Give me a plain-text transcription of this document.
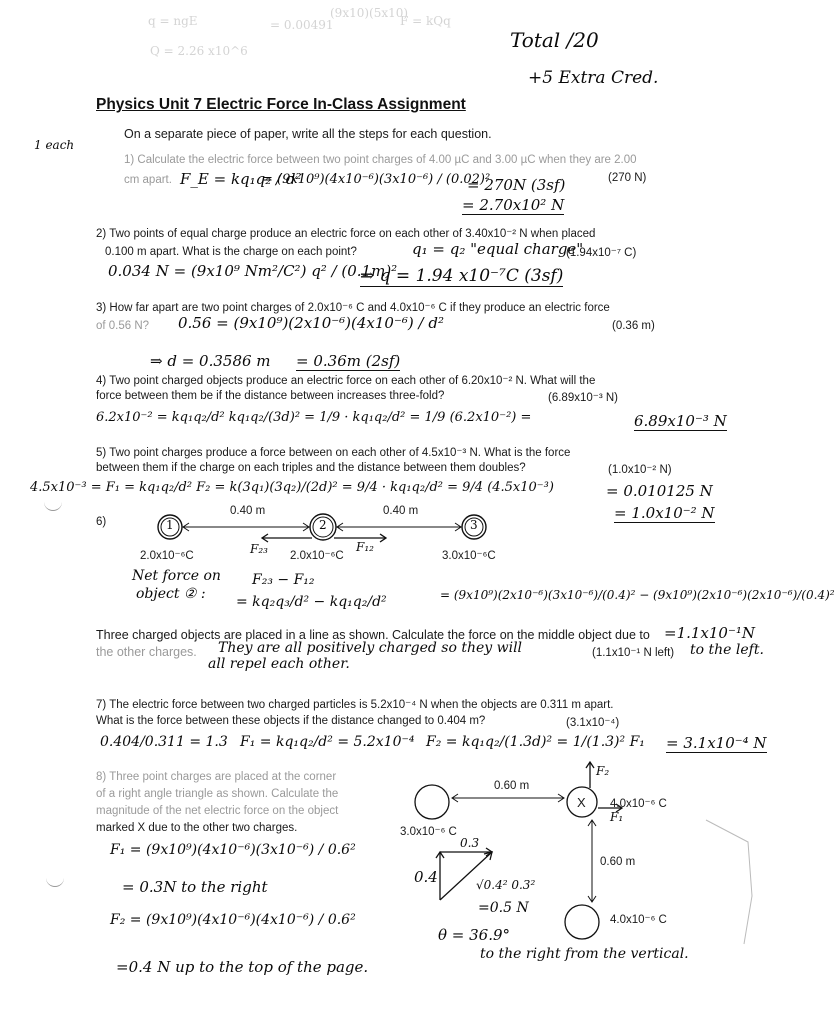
q = ngE
Q = 2.26 x10^6
F = kQq
(9x10)(5x10)
= 0.00491
Total /20
+5 Extra Cred.
Physics Unit 7 Electric Force In-Class Assignment
On a separate piece of paper, write all the steps for each question.
1 each
1) Calculate the electric force between two point charges of 4.00 µC and 3.00 µC when they are 2.00
cm apart.	(270 N)
F_E = kq₁q₂ / d²
= (9x10⁹)(4x10⁻⁶)(3x10⁻⁶) / (0.02)²
= 270N (3sf)
= 2.70x10² N
2) Two points of equal charge produce an electric force on each other of 3.40x10⁻² N when placed
0.100 m apart. What is the charge on each point?	(1.94x10⁻⁷ C)
q₁ = q₂ "equal charge"
0.034 N = (9x10⁹ Nm²/C²) q² / (0.1m)²
⇒ q = 1.94 x10⁻⁷C (3sf)
3) How far apart are two point charges of 2.0x10⁻⁶ C and 4.0x10⁻⁶ C if they produce an electric force
of 0.56 N?	(0.36 m)
0.56 = (9x10⁹)(2x10⁻⁶)(4x10⁻⁶) / d²
⇒ d = 0.3586 m = 0.36m (2sf)
4) Two point charged objects produce an electric force on each other of 6.20x10⁻² N. What will the
force between them be if the distance between increases three-fold?	(6.89x10⁻³ N)
6.2x10⁻² = kq₁q₂/d² kq₁q₂/(3d)² = 1/9 · kq₁q₂/d² = 1/9 (6.2x10⁻²) =	6.89x10⁻³ N
5) Two point charges produce a force between on each other of 4.5x10⁻³ N. What is the force
between them if the charge on each triples and the distance between them doubles?	(1.0x10⁻² N)
4.5x10⁻³ = F₁ = kq₁q₂/d² F₂ = k(3q₁)(3q₂)/(2d)² = 9/4 · kq₁q₂/d² = 9/4 (4.5x10⁻³)	= 0.010125 N
= 1.0x10⁻² N
6)	1	2	3
0.40 m	0.40 m
2.0x10⁻⁶C	2.0x10⁻⁶C	3.0x10⁻⁶C
F₂₃	F₁₂
Net force on
object ② :
F₂₃ − F₁₂
= kq₂q₃/d² − kq₁q₂/d²	= (9x10⁹)(2x10⁻⁶)(3x10⁻⁶)/(0.4)² − (9x10⁹)(2x10⁻⁶)(2x10⁻⁶)/(0.4)²
Three charged objects are placed in a line as shown. Calculate the force on the middle object due to
the other charges.
=1.1x10⁻¹N
to the left.
(1.1x10⁻¹ N left)
They are all positively charged so they will
all repel each other.
7) The electric force between two charged particles is 5.2x10⁻⁴ N when the objects are 0.311 m apart.
What is the force between these objects if the distance changed to 0.404 m?	(3.1x10⁻⁴)
0.404/0.311 = 1.3 F₁ = kq₁q₂/d² = 5.2x10⁻⁴ F₂ = kq₁q₂/(1.3d)² = 1/(1.3)² F₁ = 3.1x10⁻⁴ N
8) Three point charges are placed at the corner
of a right angle triangle as shown. Calculate the
magnitude of the net electric force on the object
marked X due to the other two charges.
0.60 m
0.60 m
3.0x10⁻⁶ C
4.0x10⁻⁶ C
4.0x10⁻⁶ C
X
F₂
F₁
F₁ = (9x10⁹)(4x10⁻⁶)(3x10⁻⁶) / 0.6²
= 0.3N to the right
F₂ = (9x10⁹)(4x10⁻⁶)(4x10⁻⁶) / 0.6²
=0.4 N up to the top of the page.
0.3
0.4	√0.4² 0.3²
=0.5 N
θ = 36.9°
to the right from the vertical.
